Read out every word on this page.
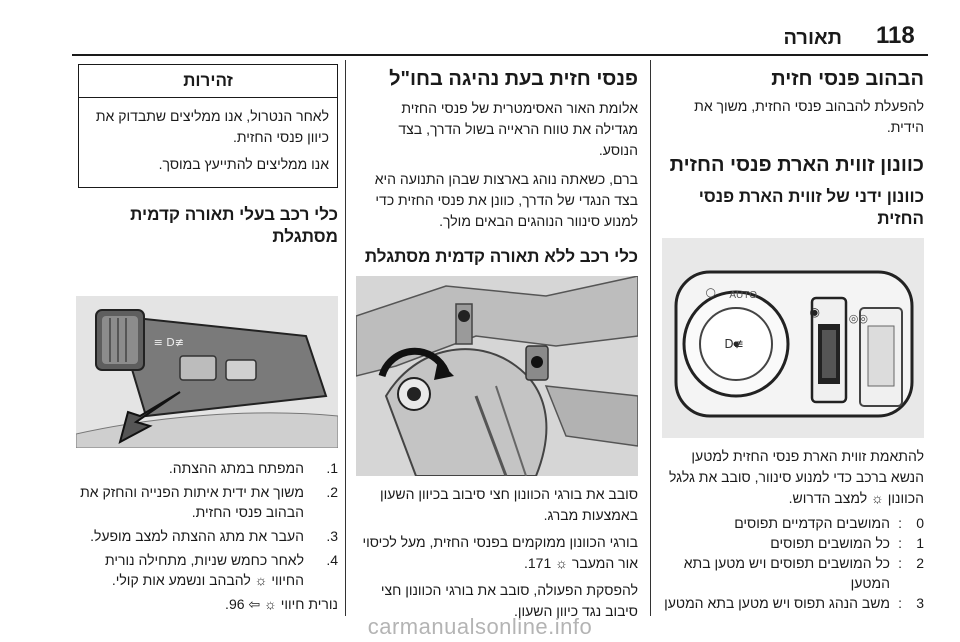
118
תאורה

הבהוב פנסי חזית

להפעלת להבהוב פנסי החזית, משוך את הידית.

כוונון זווית הארת פנסי החזית

כוונון ידני של זווית הארת פנסי החזית

≢D
AUTO
○
◉	◎◎

להתאמת זווית הארת פנסי החזית למטען הנשא ברכב כדי למנוע סינוור, סובב את גלגל הכוונון ☼ למצב הדרוש.

0
:
המושבים הקדמיים תפוסים
1
:
כל המושבים תפוסים
2
:
כל המושבים תפוסים ויש מטען בתא המטען
3
:
משב הנהג תפוס ויש מטען בתא המטען

פנסי חזית בעת נהיגה בחו"ל

אלומת האור האסימטרית של פנסי החזית מגדילה את טווח הראייה בשול הדרך, בצד הנוסע.

ברם, כשאתה נוהג בארצות שבהן התנועה היא בצד הנגדי של הדרך, כוונן את פנסי החזית כדי למנוע סינוור הנוהגים הבאים מולך.

כלי רכב ללא תאורה קדמית מסתגלת

סובב את בורגי הכוונון חצי סיבוב בכיוון השעון באמצעות מברג.

בורגי הכוונון ממוקמים בפנסי החזית, מעל לכיסוי אור המעבר ☼ 171.

להפסקת הפעולה, סובב את בורגי הכוונון חצי סיבוב נגד כיוון השעון.

זהירות

לאחר הנטרול, אנו ממליצים שתבדוק את כיוון פנסי החזית.

אנו ממליצים להתייעץ במוסך.

כלי רכב בעלי תאורה קדמית מסתגלת

≢D ≡
1.
המפתח במתג ההצתה.
2.
משוך את ידית איתות הפנייה והחזק את הבהוב פנסי החזית.
3.
העבר את מתג ההצתה למצב מופעל.
4.
לאחר כחמש שניות, מתחילה נורית החיווי ☼ להבהב ונשמע אות קולי.

נורית חיווי ☼ ⇦ 96.

carmanualsonline.info
